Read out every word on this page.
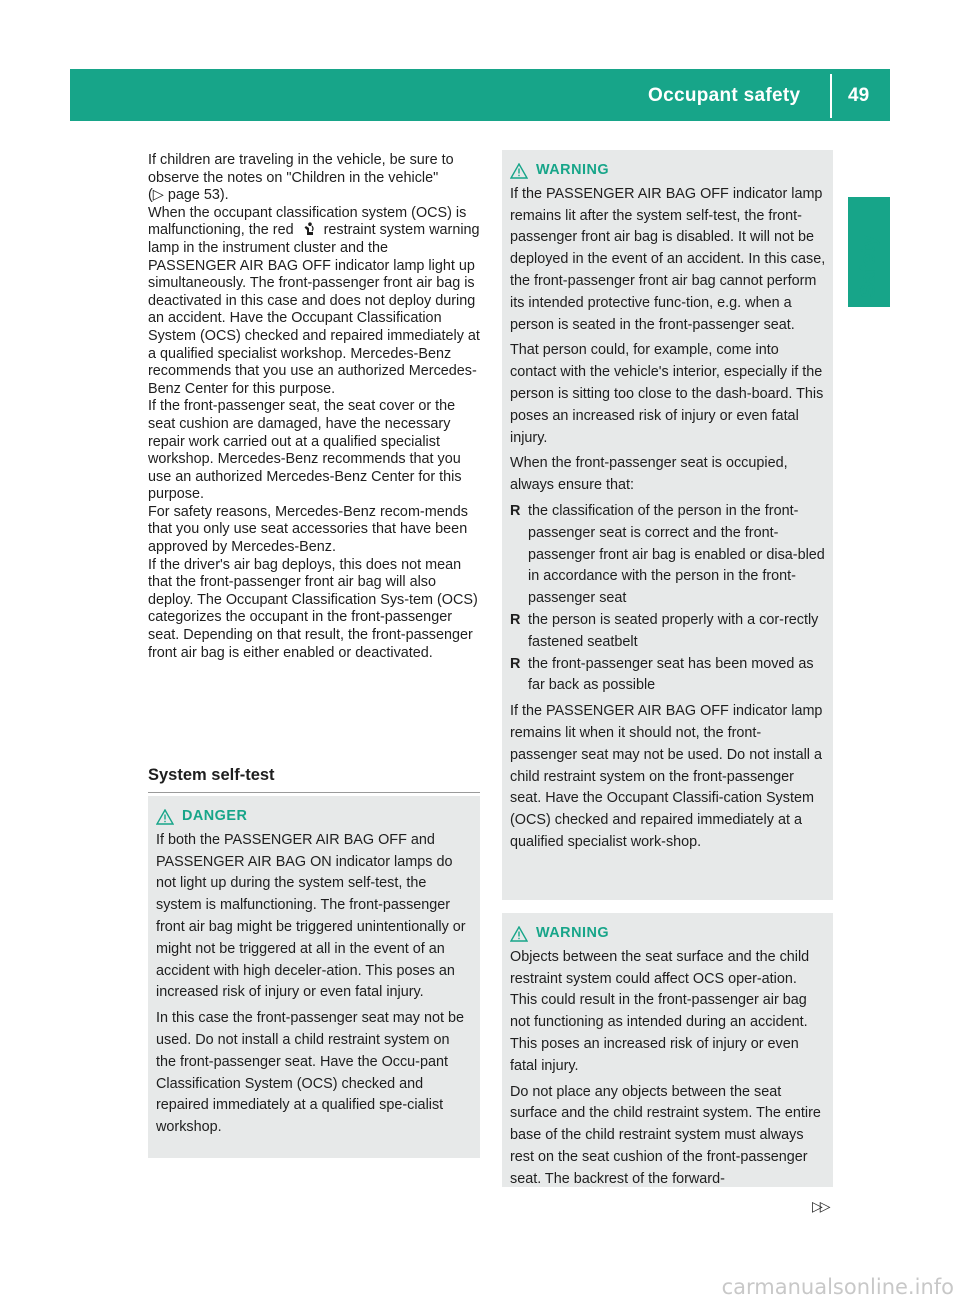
Occupant safety	49
Safety

If children are traveling in the vehicle, be sure to observe the notes on "Children in the vehicle"
(▷ page 53).

When the occupant classification system (OCS) is malfunctioning, the red restraint system warning lamp in the instrument cluster and the PASSENGER AIR BAG OFF indicator lamp light up simultaneously. The front-passenger front air bag is deactivated in this case and does not deploy during an accident. Have the Occupant Classification System (OCS) checked and repaired immediately at a qualified specialist workshop. Mercedes-Benz recommends that you use an authorized Mercedes-Benz Center for this purpose.

If the front-passenger seat, the seat cover or the seat cushion are damaged, have the necessary repair work carried out at a qualified specialist workshop. Mercedes-Benz recommends that you use an authorized Mercedes-Benz Center for this purpose.

For safety reasons, Mercedes-Benz recom-mends that you only use seat accessories that have been approved by Mercedes-Benz.

If the driver's air bag deploys, this does not mean that the front-passenger front air bag will also deploy. The Occupant Classification Sys-tem (OCS) categorizes the occupant in the front-passenger seat. Depending on that result, the front-passenger front air bag is either enabled or deactivated.

System self-test
DANGER

If both the PASSENGER AIR BAG OFF and PASSENGER AIR BAG ON indicator lamps do not light up during the system self-test, the system is malfunctioning. The front-passenger front air bag might be triggered unintentionally or might not be triggered at all in the event of an accident with high deceler-ation. This poses an increased risk of injury or even fatal injury.

In this case the front-passenger seat may not be used. Do not install a child restraint system on the front-passenger seat. Have the Occu-pant Classification System (OCS) checked and repaired immediately at a qualified spe-cialist workshop.

WARNING

If the PASSENGER AIR BAG OFF indicator lamp remains lit after the system self-test, the front-passenger front air bag is disabled. It will not be deployed in the event of an accident. In this case, the front-passenger front air bag cannot perform its intended protective func-tion, e.g. when a person is seated in the front-passenger seat.

That person could, for example, come into contact with the vehicle's interior, especially if the person is sitting too close to the dash-board. This poses an increased risk of injury or even fatal injury.

When the front-passenger seat is occupied, always ensure that:

R the classification of the person in the front-passenger seat is correct and the front-passenger front air bag is enabled or disa-bled in accordance with the person in the front-passenger seat
R the person is seated properly with a cor-rectly fastened seatbelt
R the front-passenger seat has been moved as far back as possible

If the PASSENGER AIR BAG OFF indicator lamp remains lit when it should not, the front-passenger seat may not be used. Do not install a child restraint system on the front-passenger seat. Have the Occupant Classifi-cation System (OCS) checked and repaired immediately at a qualified specialist work-shop.

WARNING

Objects between the seat surface and the child restraint system could affect OCS oper-ation. This could result in the front-passenger air bag not functioning as intended during an accident. This poses an increased risk of injury or even fatal injury.

Do not place any objects between the seat surface and the child restraint system. The entire base of the child restraint system must always rest on the seat cushion of the front-passenger seat. The backrest of the forward-

▷▷
carmanualsonline.info
